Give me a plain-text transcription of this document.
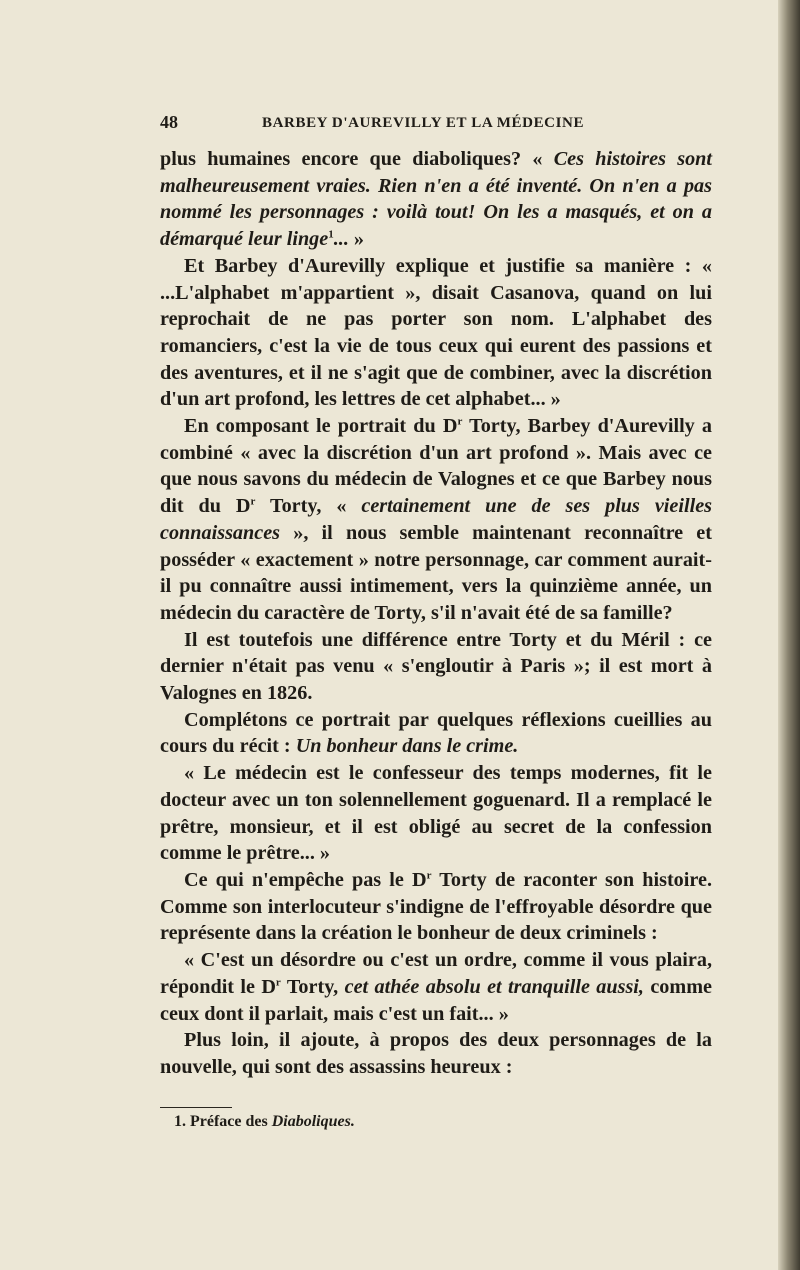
48	BARBEY D'AUREVILLY ET LA MÉDECINE

plus humaines encore que diaboliques? « Ces histoires sont malheureusement vraies. Rien n'en a été inventé. On n'en a pas nommé les personnages : voilà tout! On les a masqués, et on a démarqué leur linge$^1$... »

Et Barbey d'Aurevilly explique et justifie sa manière : « ...L'alphabet m'appartient », disait Casanova, quand on lui reprochait de ne pas porter son nom. L'alphabet des romanciers, c'est la vie de tous ceux qui eurent des passions et des aventures, et il ne s'agit que de combiner, avec la discrétion d'un art profond, les lettres de cet alphabet... »

En composant le portrait du $D^r$ Torty, Barbey d'Aurevilly a combiné « avec la discrétion d'un art profond ». Mais avec ce que nous savons du médecin de Valognes et ce que Barbey nous dit du $D^r$ Torty, « certainement une de ses plus vieilles connaissances », il nous semble maintenant reconnaître et posséder « exactement » notre personnage, car comment aurait-il pu connaître aussi intimement, vers la quinzième année, un médecin du caractère de Torty, s'il n'avait été de sa famille?

Il est toutefois une différence entre Torty et du Méril : ce dernier n'était pas venu « s'engloutir à Paris »; il est mort à Valognes en 1826.

Complétons ce portrait par quelques réflexions cueillies au cours du récit : Un bonheur dans le crime.

« Le médecin est le confesseur des temps modernes, fit le docteur avec un ton solennellement goguenard. Il a remplacé le prêtre, monsieur, et il est obligé au secret de la confession comme le prêtre... »

Ce qui n'empêche pas le $D^r$ Torty de raconter son histoire. Comme son interlocuteur s'indigne de l'effroyable désordre que représente dans la création le bonheur de deux criminels :

« C'est un désordre ou c'est un ordre, comme il vous plaira, répondit le $D^r$ Torty, cet athée absolu et tranquille aussi, comme ceux dont il parlait, mais c'est un fait... »

Plus loin, il ajoute, à propos des deux personnages de la nouvelle, qui sont des assassins heureux :

1. Préface des Diaboliques.
